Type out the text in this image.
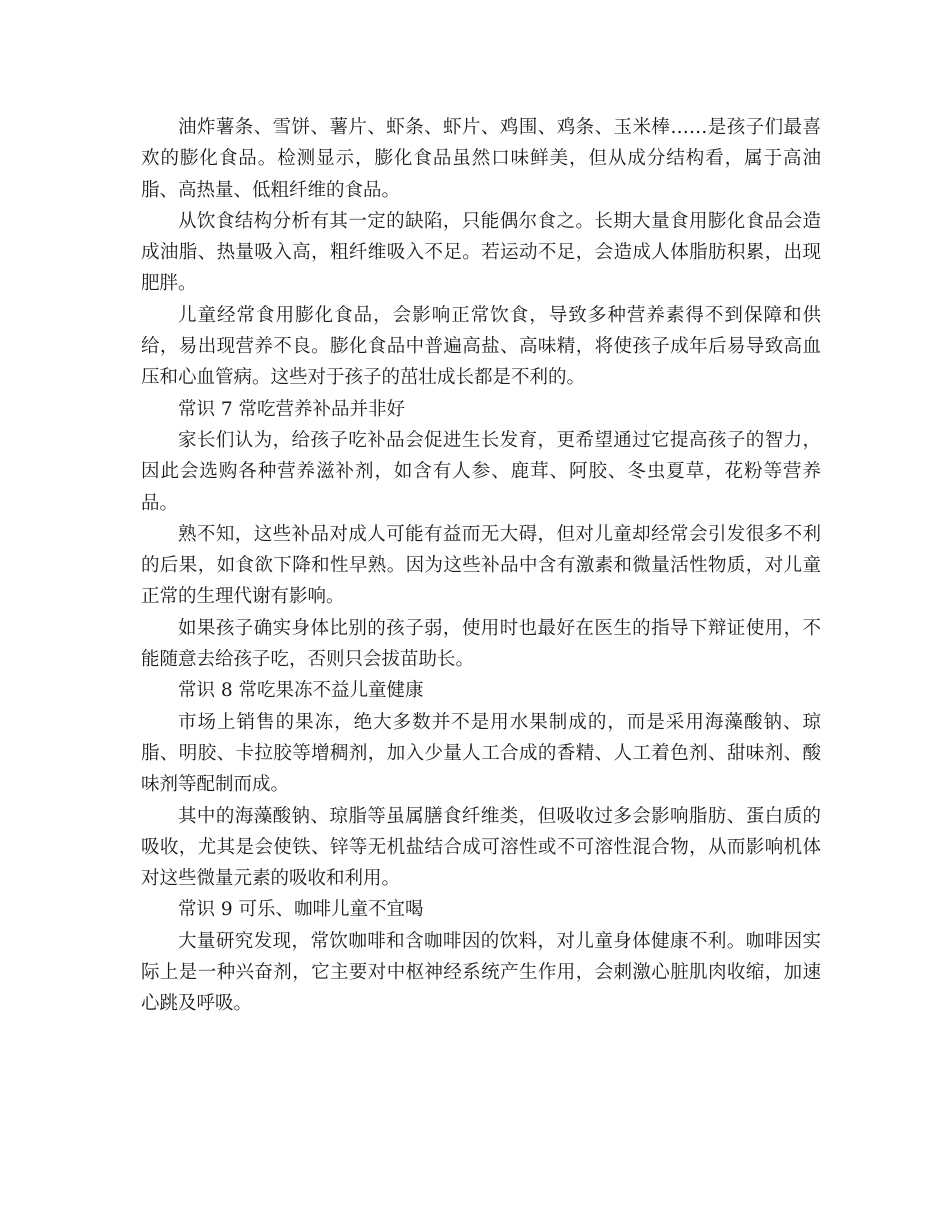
油炸薯条、雪饼、薯片、虾条、虾片、鸡围、鸡条、玉米棒……是孩子们最喜欢的膨化食品。检测显示，膨化食品虽然口味鲜美，但从成分结构看，属于高油脂、高热量、低粗纤维的食品。

从饮食结构分析有其一定的缺陷，只能偶尔食之。长期大量食用膨化食品会造成油脂、热量吸入高，粗纤维吸入不足。若运动不足，会造成人体脂肪积累，出现肥胖。

儿童经常食用膨化食品，会影响正常饮食，导致多种营养素得不到保障和供给，易出现营养不良。膨化食品中普遍高盐、高味精，将使孩子成年后易导致高血压和心血管病。这些对于孩子的茁壮成长都是不利的。

常识 7 常吃营养补品并非好

家长们认为，给孩子吃补品会促进生长发育，更希望通过它提高孩子的智力，因此会选购各种营养滋补剂，如含有人参、鹿茸、阿胶、冬虫夏草，花粉等营养品。

熟不知，这些补品对成人可能有益而无大碍，但对儿童却经常会引发很多不利的后果，如食欲下降和性早熟。因为这些补品中含有激素和微量活性物质，对儿童正常的生理代谢有影响。

如果孩子确实身体比别的孩子弱，使用时也最好在医生的指导下辩证使用，不能随意去给孩子吃，否则只会拔苗助长。

常识 8 常吃果冻不益儿童健康

市场上销售的果冻，绝大多数并不是用水果制成的，而是采用海藻酸钠、琼脂、明胶、卡拉胶等增稠剂，加入少量人工合成的香精、人工着色剂、甜味剂、酸味剂等配制而成。

其中的海藻酸钠、琼脂等虽属膳食纤维类，但吸收过多会影响脂肪、蛋白质的吸收，尤其是会使铁、锌等无机盐结合成可溶性或不可溶性混合物，从而影响机体对这些微量元素的吸收和利用。

常识 9 可乐、咖啡儿童不宜喝

大量研究发现，常饮咖啡和含咖啡因的饮料，对儿童身体健康不利。咖啡因实际上是一种兴奋剂，它主要对中枢神经系统产生作用，会刺激心脏肌肉收缩，加速心跳及呼吸。
